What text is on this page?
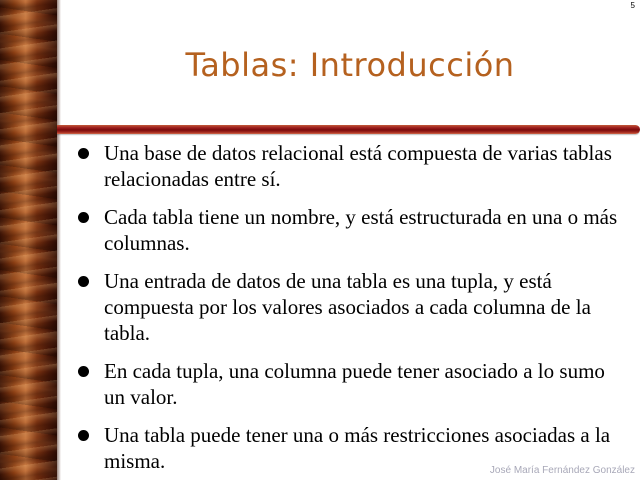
5
Tablas: Introducción
Una base de datos relacional está compuesta de varias tablas relacionadas entre sí.
Cada tabla tiene un nombre, y está estructurada en una o más columnas.
Una entrada de datos de una tabla es una tupla, y está compuesta por los valores asociados a cada columna de la tabla.
En cada tupla, una columna puede tener asociado a lo sumo un valor.
Una tabla puede tener una o más restricciones asociadas a la misma.	José María Fernández González
